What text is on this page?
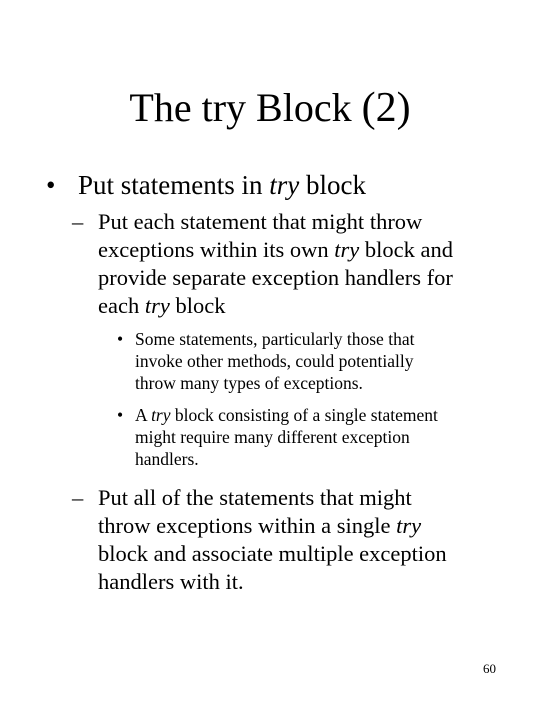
The try Block (2)
• Put statements in try block
– Put each statement that might throw
exceptions within its own try block and
provide separate exception handlers for
each try block
• Some statements, particularly those that
invoke other methods, could potentially
throw many types of exceptions.
• A try block consisting of a single statement
might require many different exception
handlers.
– Put all of the statements that might
throw exceptions within a single try
block and associate multiple exception
handlers with it.
60
